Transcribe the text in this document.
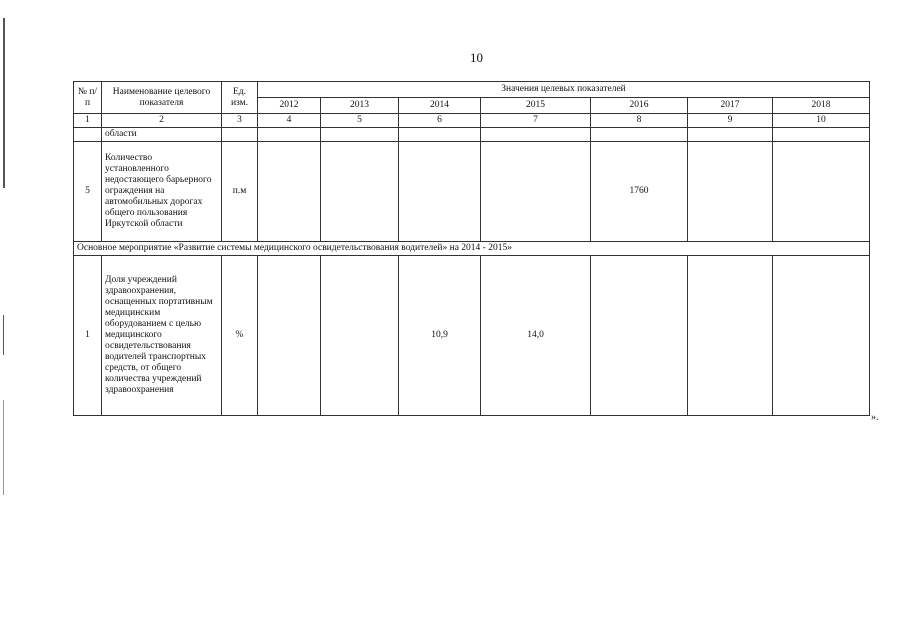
10
№ п/п	Наименование целевого показателя	Ед. изм.	Значения целевых показателей						
			2012	2013	2014	2015	2016	2017	2018
1	2	3	4	5	6	7	8	9	10
	области								
5	Количество установленного недостающего барьерного ограждения на автомобильных дорогах общего пользования Иркутской области	п.м					1760		
Основное мероприятие «Развитие системы медицинского освидетельствования водителей» на 2014 - 2015»									
1	Доля учреждений здравоохранения, оснащенных портативным медицинским оборудованием с целью медицинского освидетельствования водителей транспортных средств, от общего количества учреждений здравоохранения	%			10,9	14,0			
».
